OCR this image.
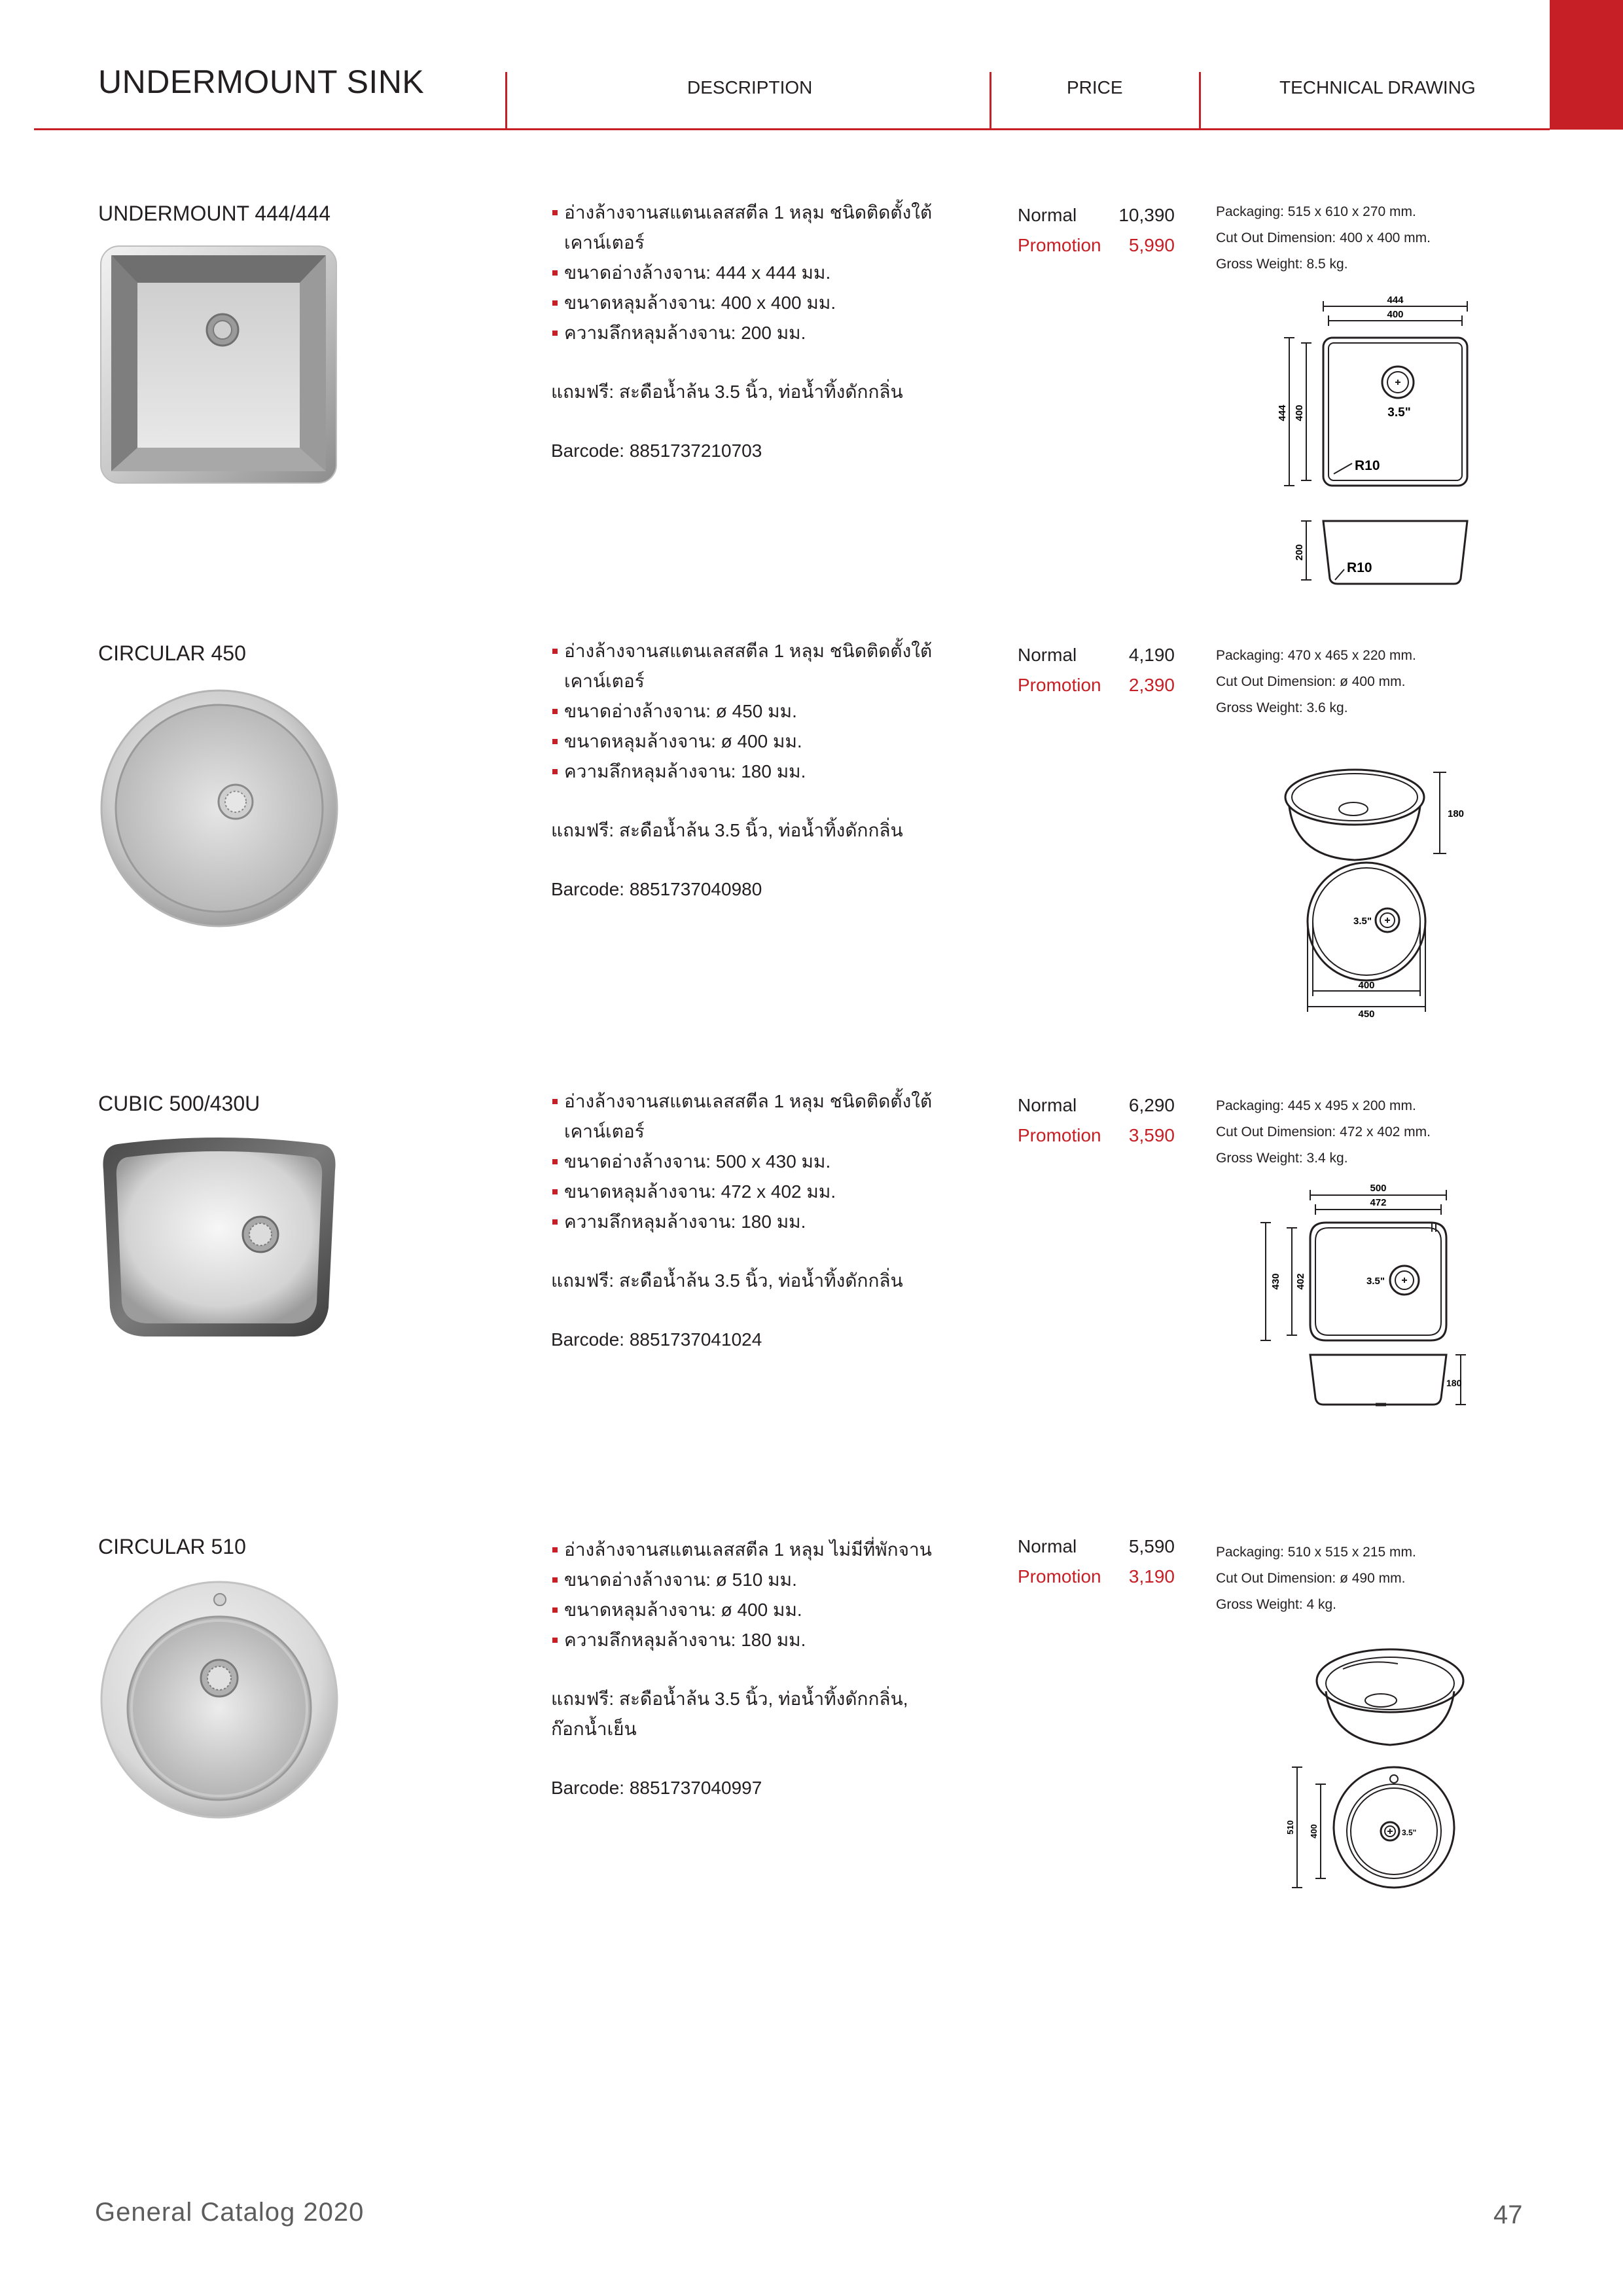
UNDERMOUNT SINK	DESCRIPTION	PRICE	TECHNICAL DRAWING
UNDERMOUNT 444/444	อ่างล้างจานสแตนเลสสตีล 1 หลุม ชนิดติดตั้งใต้เคาน์เตอร์
ขนาดอ่างล้างจาน: 444 x 444 มม.
ขนาดหลุมล้างจาน: 400 x 400 มม.
ความลึกหลุมล้างจาน: 200 มม.
แถมฟรี: สะดือน้ำล้น 3.5 นิ้ว, ท่อน้ำทิ้งดักกลิ่น
Barcode: 8851737210703
Normal 10,390
Promotion 5,990
Packaging: 515 x 610 x 270 mm.
Cut Out Dimension: 400 x 400 mm.
Gross Weight: 8.5 kg.
444
400
444 400	3.5"
R10
200
R10
CIRCULAR 450	อ่างล้างจานสแตนเลสสตีล 1 หลุม ชนิดติดตั้งใต้เคาน์เตอร์
ขนาดอ่างล้างจาน: ø 450 มม.
ขนาดหลุมล้างจาน: ø 400 มม.
ความลึกหลุมล้างจาน: 180 มม.
แถมฟรี: สะดือน้ำล้น 3.5 นิ้ว, ท่อน้ำทิ้งดักกลิ่น
Barcode: 8851737040980
Normal	4,190
Promotion 2,390
Packaging: 470 x 465 x 220 mm.
Cut Out Dimension: ø 400 mm.
Gross Weight: 3.6 kg.
180
3.5"
400
450
CUBIC 500/430U	อ่างล้างจานสแตนเลสสตีล 1 หลุม ชนิดติดตั้งใต้เคาน์เตอร์
ขนาดอ่างล้างจาน: 500 x 430 มม.
ขนาดหลุมล้างจาน: 472 x 402 มม.
ความลึกหลุมล้างจาน: 180 มม.
แถมฟรี: สะดือน้ำล้น 3.5 นิ้ว, ท่อน้ำทิ้งดักกลิ่น
Barcode: 8851737041024
Normal	6,290
Promotion 3,590
Packaging: 445 x 495 x 200 mm.
Cut Out Dimension: 472 x 402 mm.
Gross Weight: 3.4 kg.
500
472
430 402	3.5"
180
CIRCULAR 510	อ่างล้างจานสแตนเลสสตีล 1 หลุม ไม่มีที่พักจาน
ขนาดอ่างล้างจาน: ø 510 มม.
ขนาดหลุมล้างจาน: ø 400 มม.
ความลึกหลุมล้างจาน: 180 มม.
แถมฟรี: สะดือน้ำล้น 3.5 นิ้ว, ท่อน้ำทิ้งดักกลิ่น, ก๊อกน้ำเย็น
Barcode: 8851737040997
Normal	5,590
Promotion 3,190
Packaging: 510 x 515 x 215 mm.
Cut Out Dimension: ø 490 mm.
Gross Weight: 4 kg.
510 400	3.5"
General Catalog 2020	47
